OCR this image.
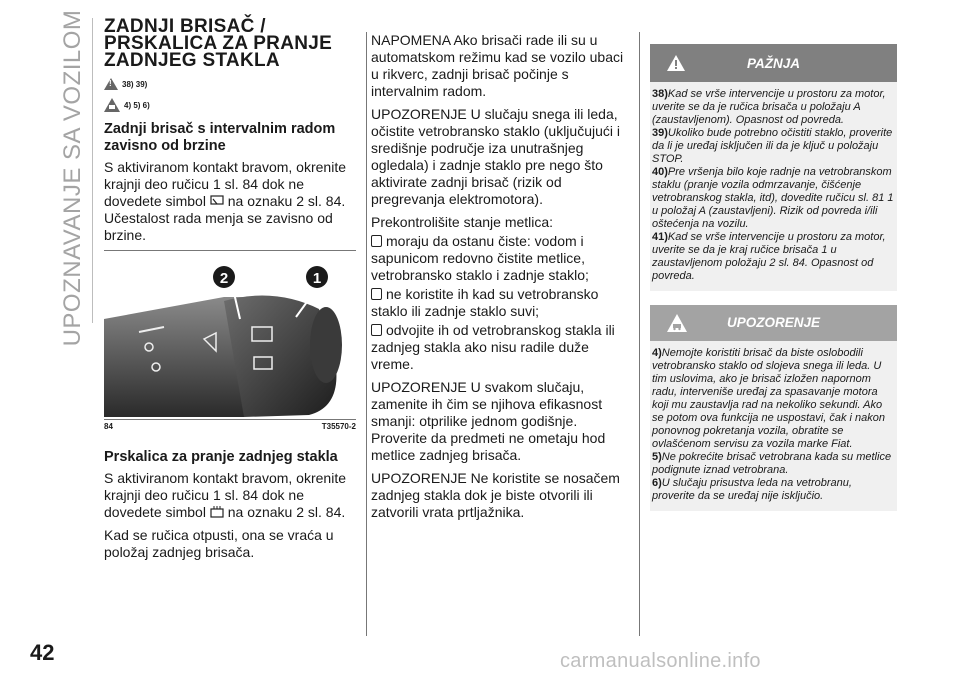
UPOZNAVANJE SA VOZILOM
42
ZADNJI BRISAČ / PRSKALICA ZA PRANJE ZADNJEG STAKLA
!
38) 39)
4) 5) 6)
Zadnji brisač s intervalnim radom zavisno od brzine

S aktiviranom kontakt bravom, okrenite krajnji deo ručicu 1 sl. 84 dok ne dovedete simbol na oznaku 2 sl. 84. Učestalost rada menja se zavisno od brzine.

2	1
84	T35570-2
Prskalica za pranje zadnjeg stakla

S aktiviranom kontakt bravom, okrenite krajnji deo ručicu 1 sl. 84 dok ne dovedete simbol na oznaku 2 sl. 84.

Kad se ručica otpusti, ona se vraća u položaj zadnjeg brisača.

NAPOMENA Ako brisači rade ili su u automatskom režimu kad se vozilo ubaci u rikverc, zadnji brisač počinje s intervalnim radom.

UPOZORENJE U slučaju snega ili leda, očistite vetrobransko staklo (uključujući i središnje područje iza unutrašnjeg ogledala) i zadnje staklo pre nego što aktivirate zadnji brisač (rizik od pregrevanja elektromotora).

Prekontrolišite stanje metlica:

moraju da ostanu čiste: vodom i sapunicom redovno čistite metlice, vetrobransko staklo i zadnje staklo;

ne koristite ih kad su vetrobransko staklo ili zadnje staklo suvi;

odvojite ih od vetrobranskog stakla ili zadnjeg stakla ako nisu radile duže vreme.

UPOZORENJE U svakom slučaju, zamenite ih čim se njihova efikasnost smanji: otprilike jednom godišnje. Proverite da predmeti ne ometaju hod metlice zadnjeg brisača.

UPOZORENJE Ne koristite se nosačem zadnjeg stakla dok je biste otvorili ili zatvorili vrata prtljažnika.

PAŽNJA

38)Kad se vrše intervencije u prostoru za motor, uverite se da je ručica brisača u položaju A (zaustavljenom). Opasnost od povreda.

39)Ukoliko bude potrebno očistiti staklo, proverite da li je uređaj isključen ili da je ključ u položaju STOP.

40)Pre vršenja bilo koje radnje na vetrobranskom staklu (pranje vozila odmrzavanje, čišćenje vetrobranskog stakla, itd), dovedite ručicu sl. 81 1 u položaj A (zaustavljeni). Rizik od povreda i/ili oštećenja na vozilu.

41)Kad se vrše intervencije u prostoru za motor, uverite se da je kraj ručice brisača 1 u zaustavljenom položaju 2 sl. 84. Opasnost od povreda.

UPOZORENJE

4)Nemojte koristiti brisač da biste oslobodili vetrobransko staklo od slojeva snega ili leda. U tim uslovima, ako je brisač izložen napornom radu, interveniše uređaj za spasavanje motora koji mu zaustavlja rad na nekoliko sekundi. Ako se potom ova funkcija ne uspostavi, čak i nakon ponovnog pokretanja vozila, obratite se ovlašćenom servisu za vozila marke Fiat.

5)Ne pokrećite brisač vetrobrana kada su metlice podignute iznad vetrobrana.

6)U slučaju prisustva leda na vetrobranu, proverite da se uređaj nije isključio.

carmanualsonline.info
